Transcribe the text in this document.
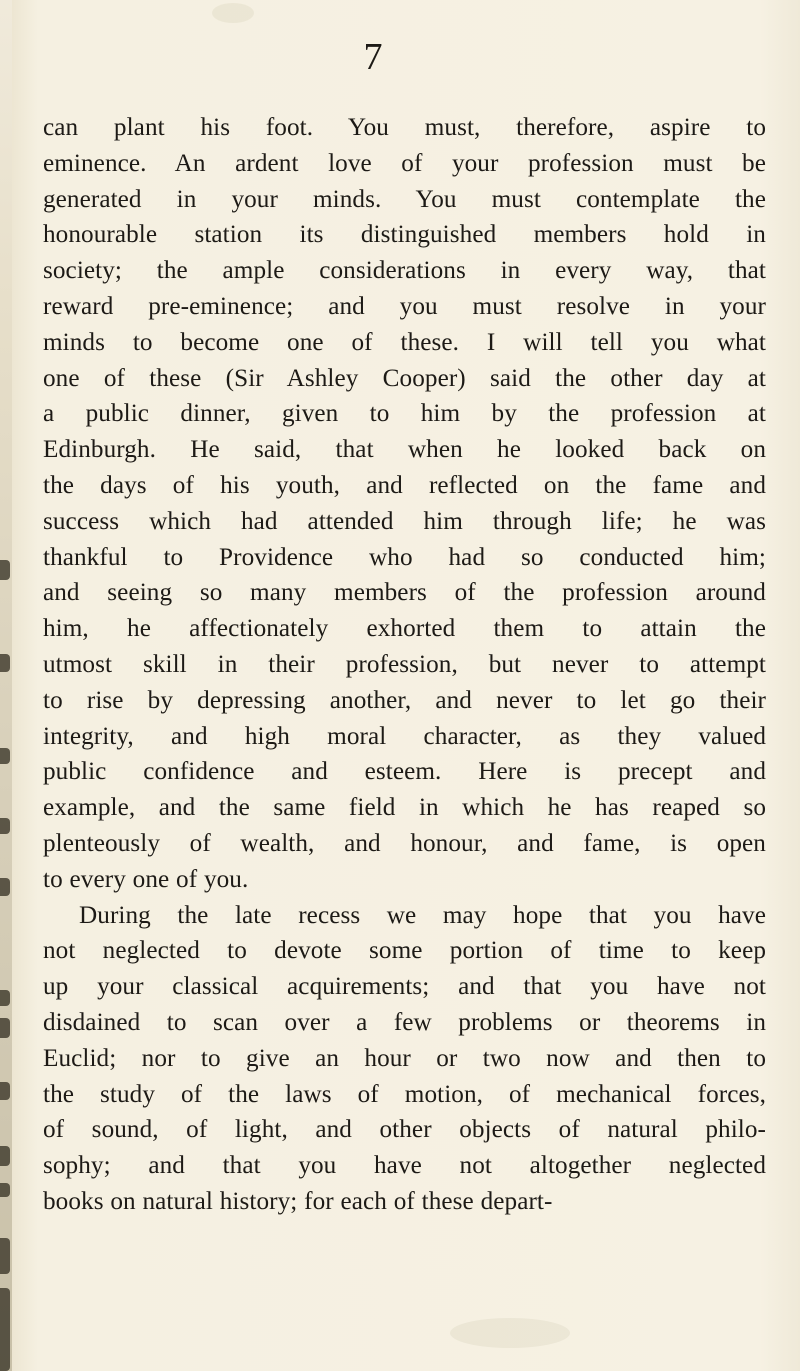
7
can plant his foot. You must, therefore, aspire to
eminence. An ardent love of your profession must be
generated in your minds. You must contemplate the
honourable station its distinguished members hold in
society; the ample considerations in every way, that
reward pre-eminence; and you must resolve in your
minds to become one of these. I will tell you what
one of these (Sir Ashley Cooper) said the other day at
a public dinner, given to him by the profession at
Edinburgh. He said, that when he looked back on
the days of his youth, and reflected on the fame and
success which had attended him through life; he was
thankful to Providence who had so conducted him;
and seeing so many members of the profession around
him, he affectionately exhorted them to attain the
utmost skill in their profession, but never to attempt
to rise by depressing another, and never to let go their
integrity, and high moral character, as they valued
public confidence and esteem. Here is precept and
example, and the same field in which he has reaped so
plenteously of wealth, and honour, and fame, is open
to every one of you.
During the late recess we may hope that you have
not neglected to devote some portion of time to keep
up your classical acquirements; and that you have not
disdained to scan over a few problems or theorems in
Euclid; nor to give an hour or two now and then to
the study of the laws of motion, of mechanical forces,
of sound, of light, and other objects of natural philo-
sophy; and that you have not altogether neglected
books on natural history; for each of these depart-
